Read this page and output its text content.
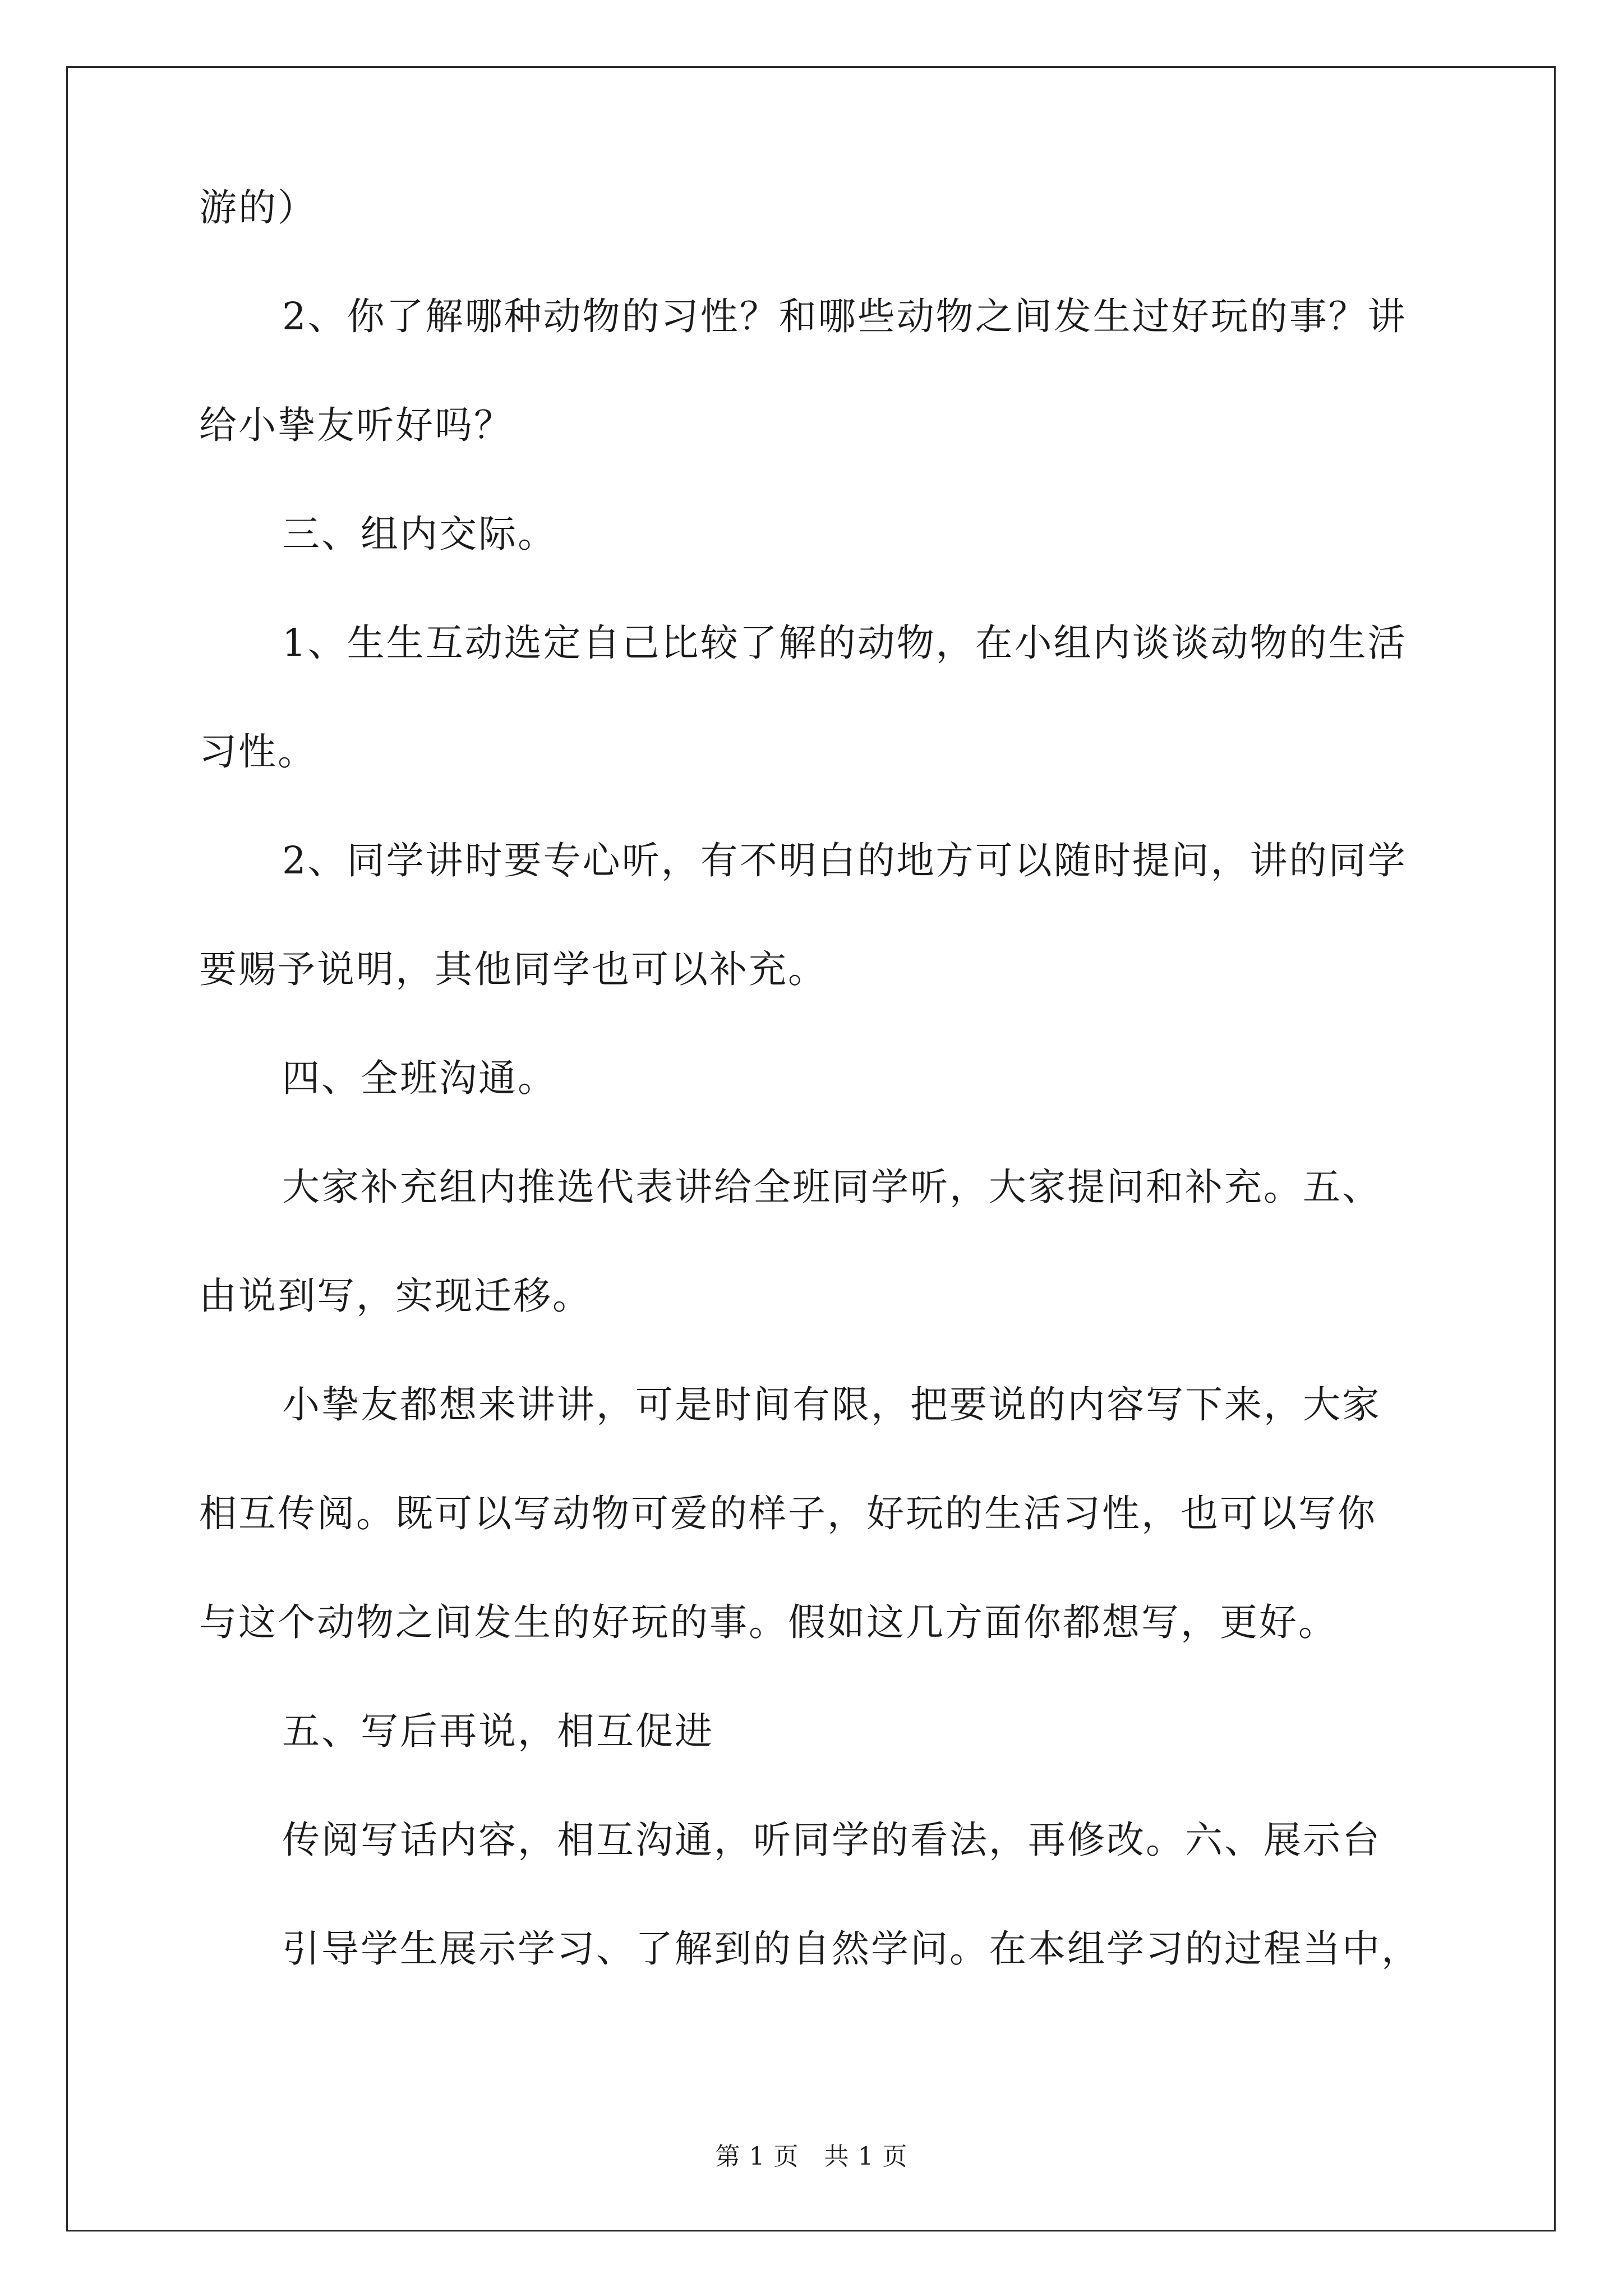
游的）
2、你了解哪种动物的习性？和哪些动物之间发生过好玩的事？讲
给小挚友听好吗？
三、组内交际。
1、生生互动选定自己比较了解的动物，在小组内谈谈动物的生活
习性。
2、同学讲时要专心听，有不明白的地方可以随时提问，讲的同学
要赐予说明，其他同学也可以补充。
四、全班沟通。
大家补充组内推选代表讲给全班同学听，大家提问和补充。五、
由说到写，实现迁移。
小挚友都想来讲讲，可是时间有限，把要说的内容写下来，大家
相互传阅。既可以写动物可爱的样子，好玩的生活习性，也可以写你
与这个动物之间发生的好玩的事。假如这几方面你都想写，更好。
五、写后再说，相互促进
传阅写话内容，相互沟通，听同学的看法，再修改。六、展示台
引导学生展示学习、了解到的自然学问。在本组学习的过程当中，
第 1 页　共 1 页
